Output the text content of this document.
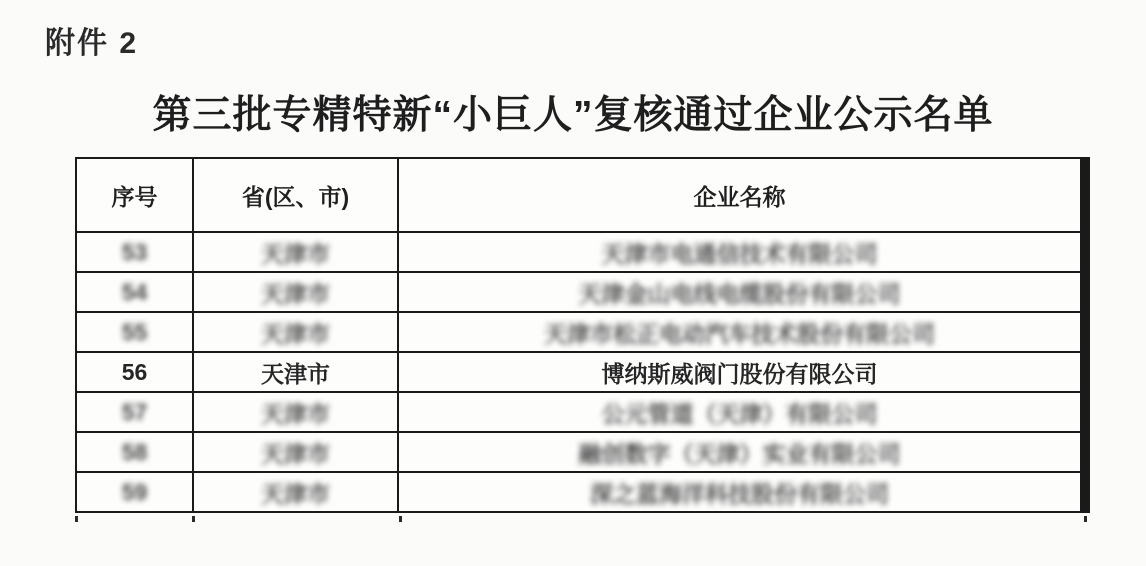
附件 2
第三批专精特新“小巨人”复核通过企业公示名单
序号	省(区、市)	企业名称
53	天津市	天津市电通信技术有限公司
54	天津市	天津金山电线电缆股份有限公司
55	天津市	天津市松正电动汽车技术股份有限公司
56	天津市	博纳斯威阀门股份有限公司
57	天津市	公元管道（天津）有限公司
58	天津市	融创数字（天津）实业有限公司
59	天津市	深之蓝海洋科技股份有限公司
